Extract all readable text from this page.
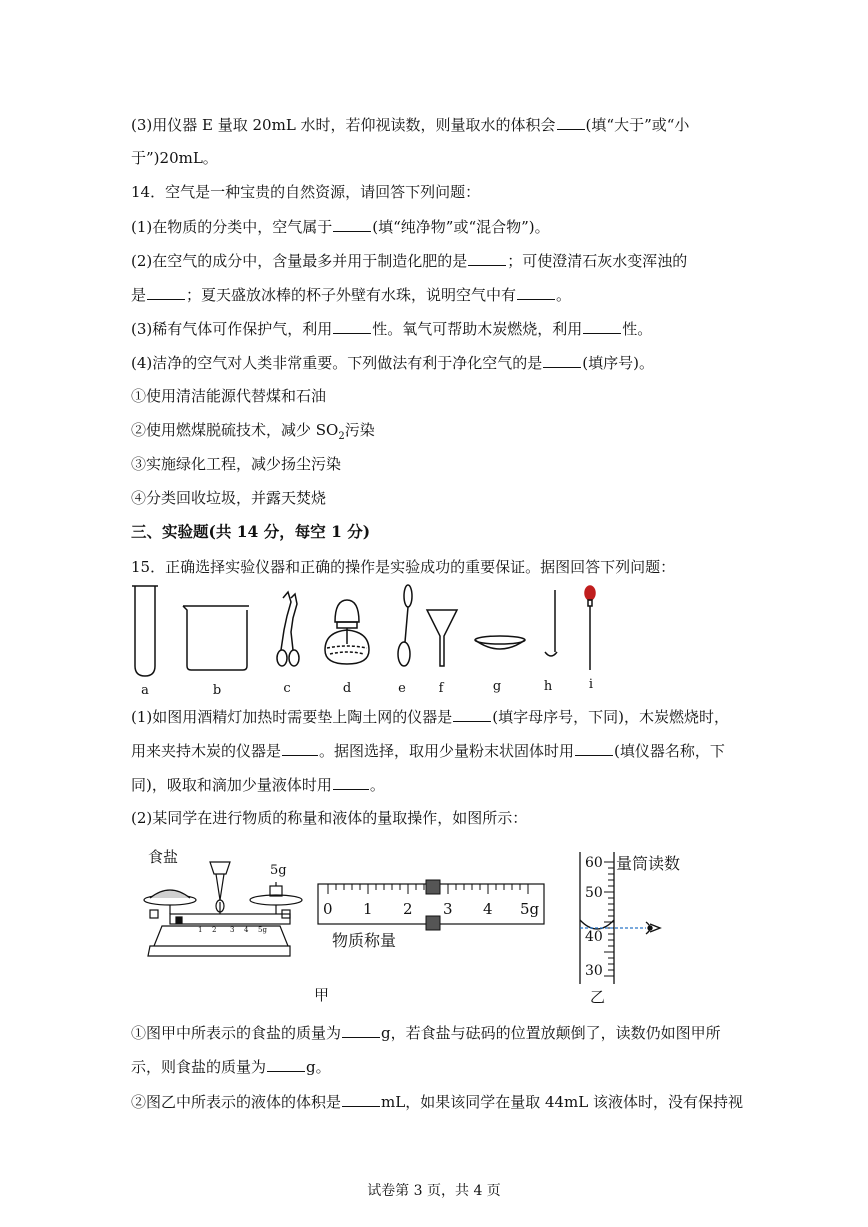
(3)用仪器 E 量取 20mL 水时，若仰视读数，则量取水的体积会 (填“大于”或“小
于”)20mL。
14．空气是一种宝贵的自然资源，请回答下列问题：
(1)在物质的分类中，空气属于	(填“纯净物”或“混合物”)。
(2)在空气的成分中，含量最多并用于制造化肥的是	；可使澄清石灰水变浑浊的
是	；夏天盛放冰棒的杯子外壁有水珠，说明空气中有	。
(3)稀有气体可作保护气，利用	性。氧气可帮助木炭燃烧，利用	性。
(4)洁净的空气对人类非常重要。下列做法有利于净化空气的是	(填序号)。
①使用清洁能源代替煤和石油
②使用燃煤脱硫技术，减少 $SO_2$污染
③实施绿化工程，减少扬尘污染
④分类回收垃圾，并露天焚烧
三、实验题(共 14 分，每空 1 分)
15．正确选择实验仪器和正确的操作是实验成功的重要保证。据图回答下列问题：
a	b	c	d	e	f	g	h	i
(1)如图用酒精灯加热时需要垫上陶土网的仪器是	(填字母序号，下同)，木炭燃烧时，
用来夹持木炭的仪器是	。据图选择，取用少量粉末状固体时用	(填仪器名称，下
同)，吸取和滴加少量液体时用	。
(2)某同学在进行物质的称量和液体的量取操作，如图所示：
1 2 3 4 5g
食盐
5g
甲
0 1 2 3 4 5g
物质称量
60
50
40
30
量筒读数
乙
①图甲中所表示的食盐的质量为	g，若食盐与砝码的位置放颠倒了，读数仍如图甲所
示，则食盐的质量为	g。
②图乙中所表示的液体的体积是	mL，如果该同学在量取 44mL 该液体时，没有保持视
试卷第 3 页，共 4 页
